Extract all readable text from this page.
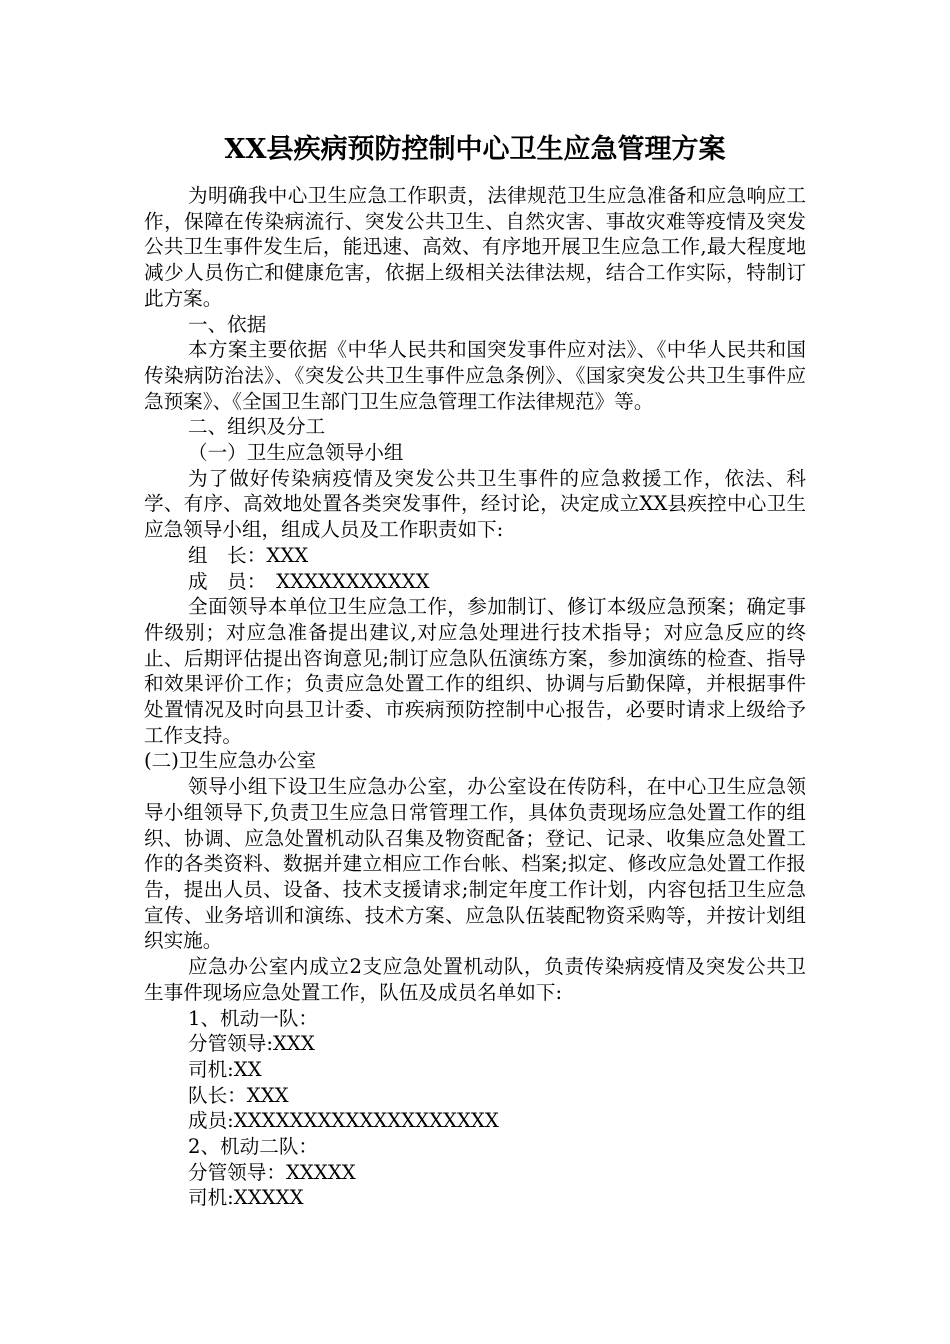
XX县疾病预防控制中心卫生应急管理方案

为明确我中心卫生应急工作职责，法律规范卫生应急准备和应急响应工作，保障在传染病流行、突发公共卫生、自然灾害、事故灾难等疫情及突发公共卫生事件发生后，能迅速、高效、有序地开展卫生应急工作,最大程度地减少人员伤亡和健康危害，依据上级相关法律法规，结合工作实际，特制订此方案。

一、依据

本方案主要依据《中华人民共和国突发事件应对法》、《中华人民共和国传染病防治法》、《突发公共卫生事件应急条例》、《国家突发公共卫生事件应急预案》、《全国卫生部门卫生应急管理工作法律规范》等。

二、组织及分工

（一）卫生应急领导小组

为了做好传染病疫情及突发公共卫生事件的应急救援工作，依法、科学、有序、高效地处置各类突发事件，经讨论，决定成立XX县疾控中心卫生应急领导小组，组成人员及工作职责如下:

组　长：XXX

成　员：　XXXXXXXXXXX

全面领导本单位卫生应急工作，参加制订、修订本级应急预案；确定事件级别；对应急准备提出建议,对应急处理进行技术指导；对应急反应的终止、后期评估提出咨询意见;制订应急队伍演练方案，参加演练的检查、指导和效果评价工作；负责应急处置工作的组织、协调与后勤保障，并根据事件处置情况及时向县卫计委、市疾病预防控制中心报告，必要时请求上级给予工作支持。

(二)卫生应急办公室

领导小组下设卫生应急办公室，办公室设在传防科，在中心卫生应急领导小组领导下,负责卫生应急日常管理工作，具体负责现场应急处置工作的组织、协调、应急处置机动队召集及物资配备；登记、记录、收集应急处置工作的各类资料、数据并建立相应工作台帐、档案;拟定、修改应急处置工作报告，提出人员、设备、技术支援请求;制定年度工作计划，内容包括卫生应急宣传、业务培训和演练、技术方案、应急队伍装配物资采购等，并按计划组织实施。

应急办公室内成立2支应急处置机动队，负责传染病疫情及突发公共卫生事件现场应急处置工作，队伍及成员名单如下:

1、机动一队：

分管领导:XXX

司机:XX

队长：XXX

成员:XXXXXXXXXXXXXXXXXXX

2、机动二队：

分管领导：XXXXX

司机:XXXXX
